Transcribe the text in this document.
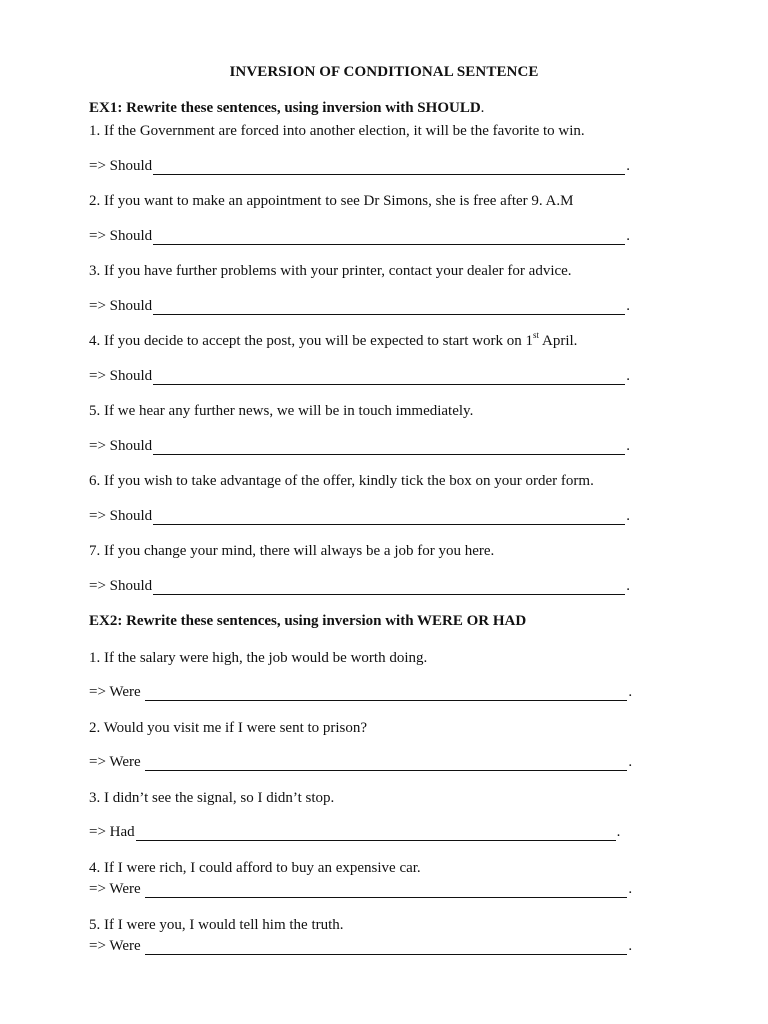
INVERSION OF CONDITIONAL SENTENCE
EX1: Rewrite these sentences, using inversion with SHOULD.
1. If the Government are forced into another election, it will be the favorite to win.
=> Should	.
2. If you want to make an appointment to see Dr Simons, she is free after 9. A.M
=> Should	.
3. If you have further problems with your printer, contact your dealer for advice.
=> Should	.
4. If you decide to accept the post, you will be expected to start work on 1st April.
=> Should	.
5. If we hear any further news, we will be in touch immediately.
=> Should	.
6. If you wish to take advantage of the offer, kindly tick the box on your order form.
=> Should	.
7. If you change your mind, there will always be a job for you here.
=> Should	.
EX2: Rewrite these sentences, using inversion with WERE OR HAD
1. If the salary were high, the job would be worth doing.
=> Were	.
2. Would you visit me if I were sent to prison?
=> Were	.
3. I didn’t see the signal, so I didn’t stop.
=> Had	.
4. If I were rich, I could afford to buy an expensive car.
=> Were	.
5. If I were you, I would tell him the truth.
=> Were	.
